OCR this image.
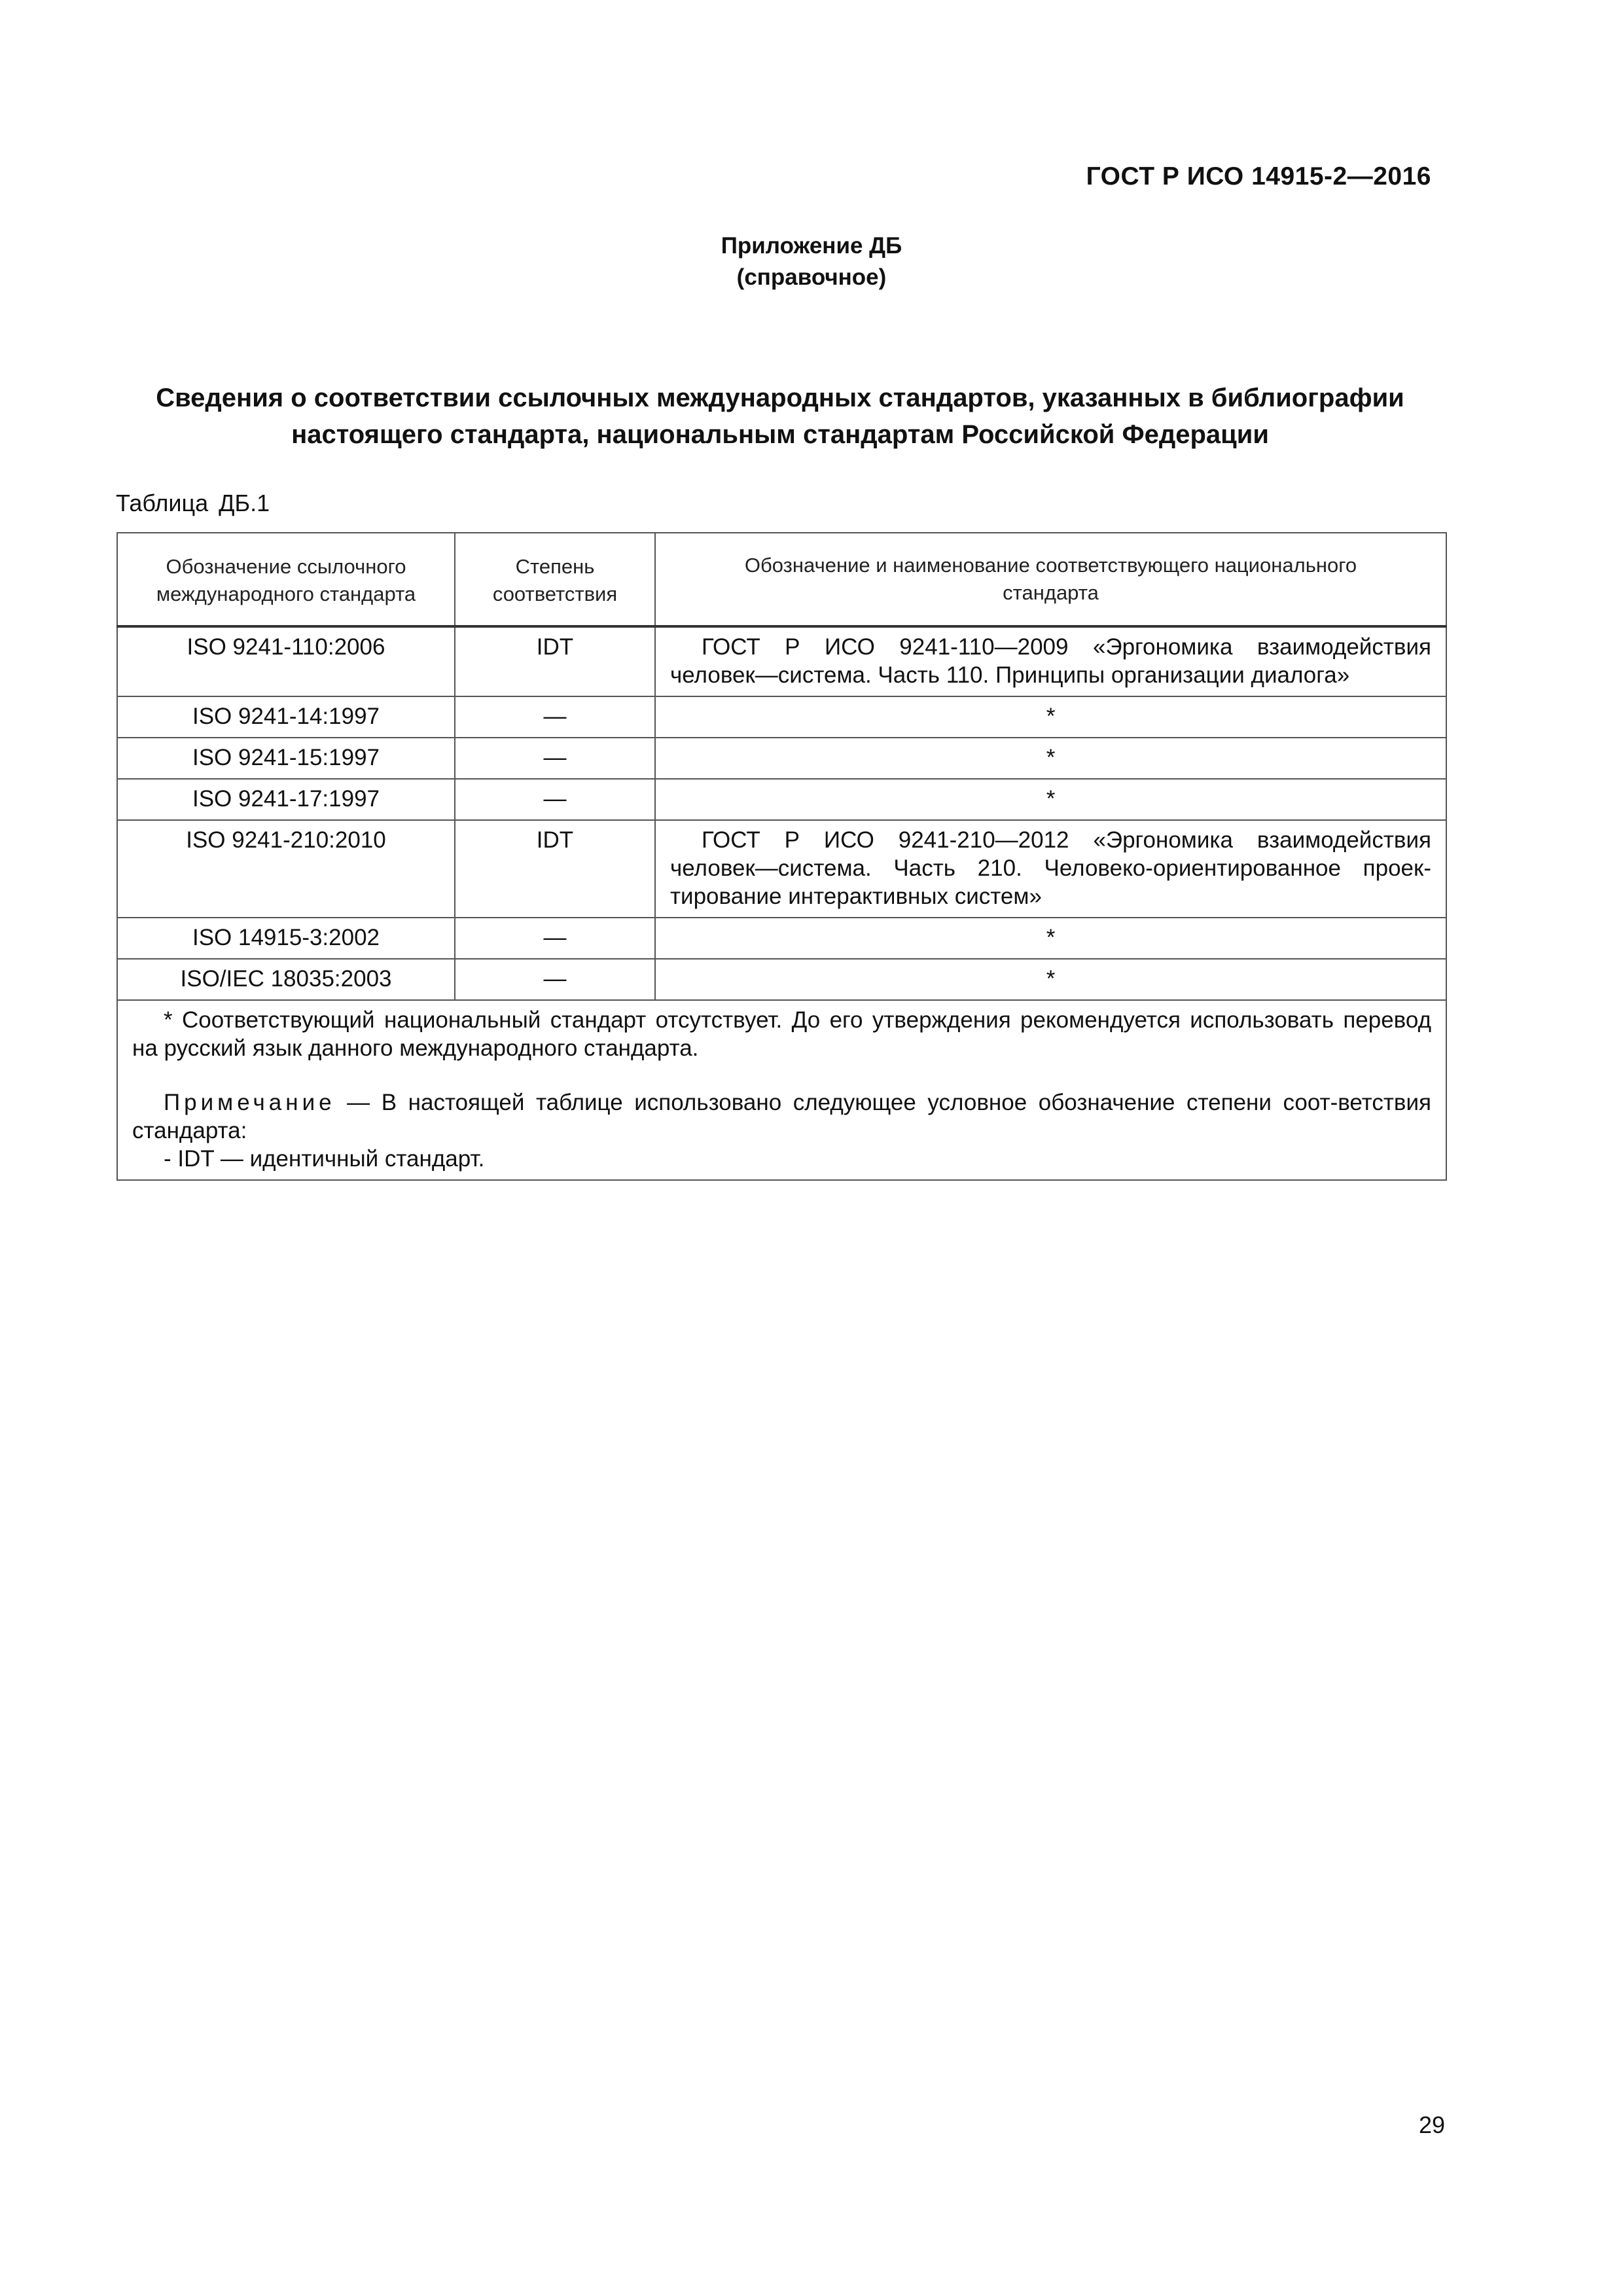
ГОСТ Р ИСО 14915-2—2016
Приложение ДБ
(справочное)
Сведения о соответствии ссылочных международных стандартов, указанных в библиографии
настоящего стандарта, национальным стандартам Российской Федерации
Таблица ДБ.1
Обозначение ссылочного международного стандарта	Степень соответствия	Обозначение и наименование соответствующего национального стандарта
ISO 9241-110:2006	IDT	ГОСТ Р ИСО 9241-110—2009 «Эргономика взаимодействия человек—система. Часть 110. Принципы организации диалога»
ISO 9241-14:1997	—	*
ISO 9241-15:1997	—	*
ISO 9241-17:1997	—	*
ISO 9241-210:2010	IDT	ГОСТ Р ИСО 9241-210—2012 «Эргономика взаимодействия человек—система. Часть 210. Человеко-ориентированное проек-тирование интерактивных систем»
ISO 14915-3:2002	—	*
ISO/IEC 18035:2003	—	*

* Соответствующий национальный стандарт отсутствует. До его утверждения рекомендуется использовать перевод на русский язык данного международного стандарта.

Примечание — В настоящей таблице использовано следующее условное обозначение степени соот-ветствия стандарта:

- IDT — идентичный стандарт.		

29
